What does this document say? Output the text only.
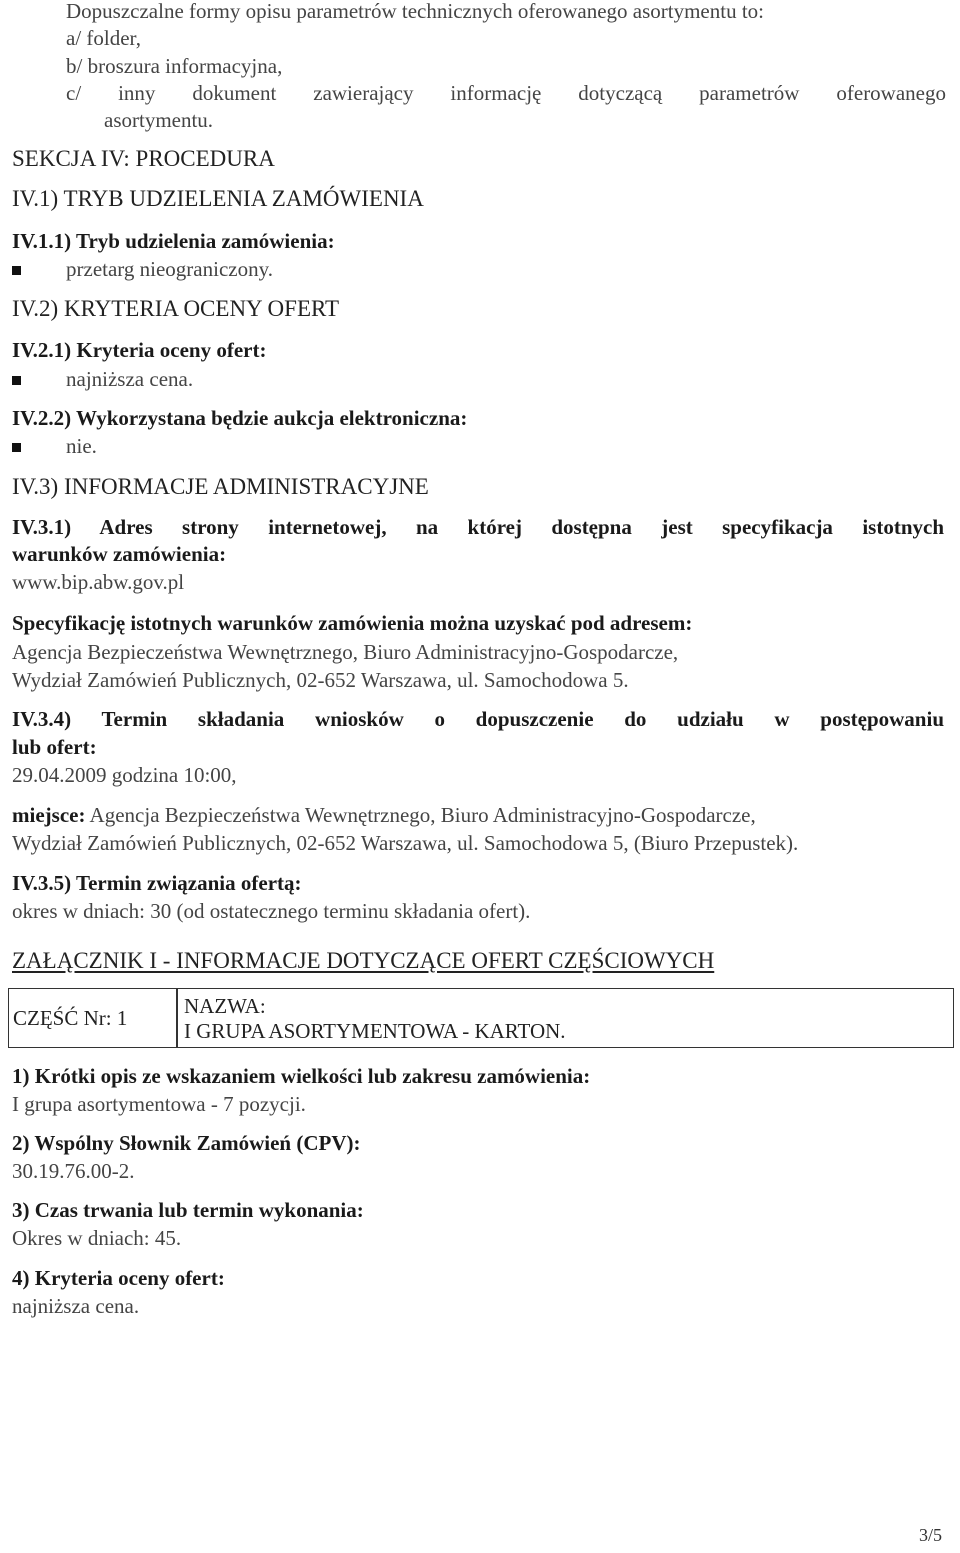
Dopuszczalne formy opisu parametrów technicznych oferowanego asortymentu to:
a/ folder,
b/ broszura informacyjna,
c/ inny dokument zawierający informację dotyczącą parametrów oferowanego
asortymentu.
SEKCJA IV: PROCEDURA
IV.1) TRYB UDZIELENIA ZAMÓWIENIA
IV.1.1) Tryb udzielenia zamówienia:
przetarg nieograniczony.
IV.2) KRYTERIA OCENY OFERT
IV.2.1) Kryteria oceny ofert:
najniższa cena.
IV.2.2) Wykorzystana będzie aukcja elektroniczna:
nie.
IV.3) INFORMACJE ADMINISTRACYJNE
IV.3.1) Adres strony internetowej, na której dostępna jest specyfikacja istotnych
warunków zamówienia:
www.bip.abw.gov.pl
Specyfikację istotnych warunków zamówienia można uzyskać pod adresem:
Agencja Bezpieczeństwa Wewnętrznego, Biuro Administracyjno-Gospodarcze,
Wydział Zamówień Publicznych, 02-652 Warszawa, ul. Samochodowa 5.
IV.3.4) Termin składania wniosków o dopuszczenie do udziału w postępowaniu
lub ofert:
29.04.2009 godzina 10:00,
miejsce: Agencja Bezpieczeństwa Wewnętrznego, Biuro Administracyjno-Gospodarcze,
Wydział Zamówień Publicznych, 02-652 Warszawa, ul. Samochodowa 5, (Biuro Przepustek).
IV.3.5) Termin związania ofertą:
okres w dniach: 30 (od ostatecznego terminu składania ofert).
ZAŁĄCZNIK I - INFORMACJE DOTYCZĄCE OFERT CZĘŚCIOWYCH
CZĘŚĆ Nr: 1	NAZWA:
I GRUPA ASORTYMENTOWA - KARTON.
1) Krótki opis ze wskazaniem wielkości lub zakresu zamówienia:
I grupa asortymentowa - 7 pozycji.
2) Wspólny Słownik Zamówień (CPV):
30.19.76.00-2.
3) Czas trwania lub termin wykonania:
Okres w dniach: 45.
4) Kryteria oceny ofert:
najniższa cena.
3/5
